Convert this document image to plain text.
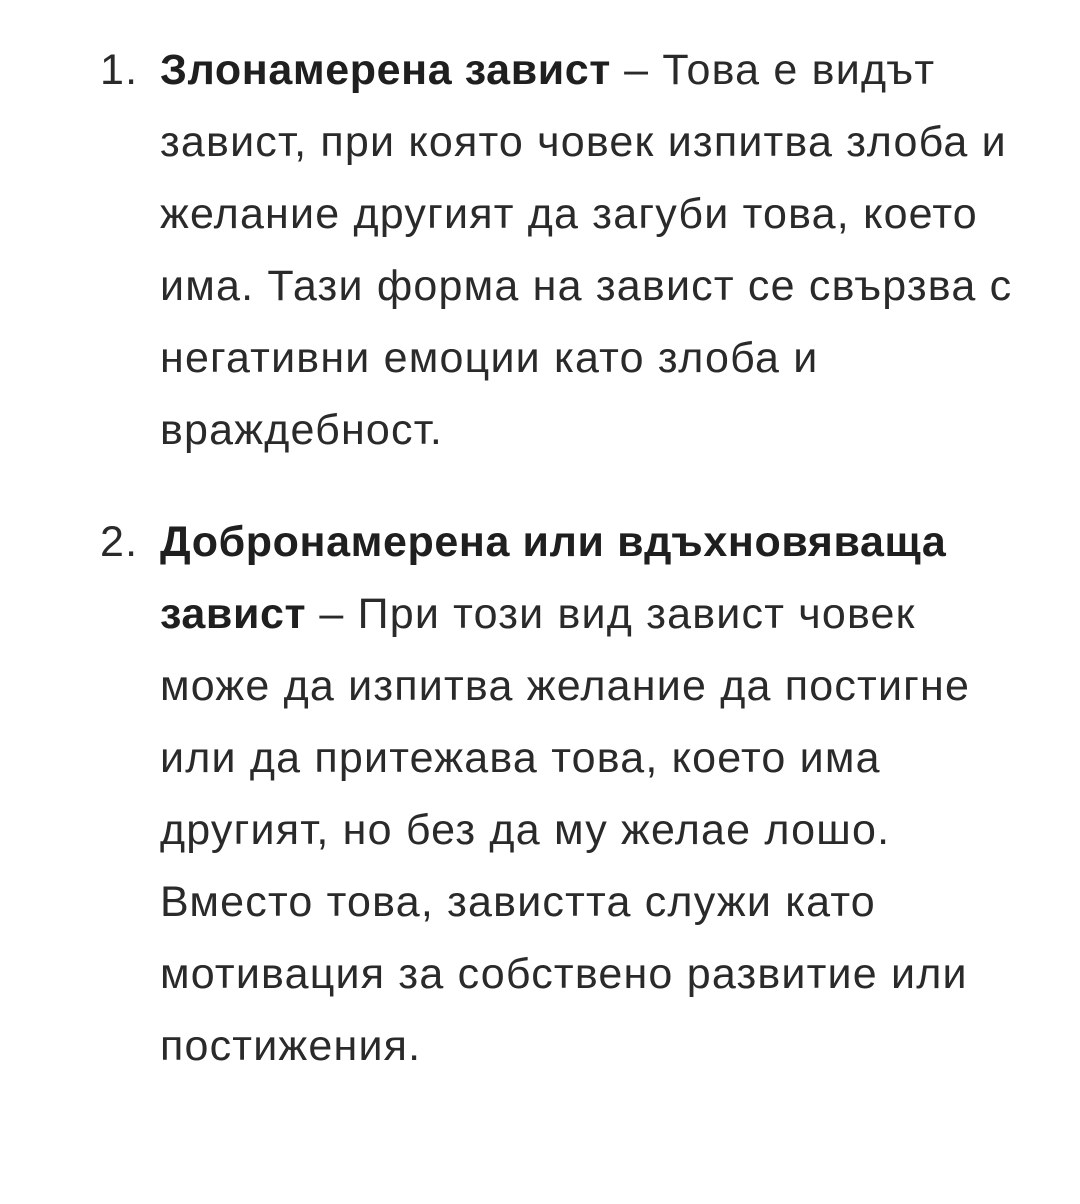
1. Злонамерена завист – Това е видът завист, при която човек изпитва злоба и желание другият да загуби това, което има. Тази форма на завист се свързва с негативни емоции като злоба и враждебност.
2. Добронамерена или вдъхновяваща завист – При този вид завист човек може да изпитва желание да постигне или да притежава това, което има другият, но без да му желае лошо. Вместо това, завистта служи като мотивация за собствено развитие или постижения.
